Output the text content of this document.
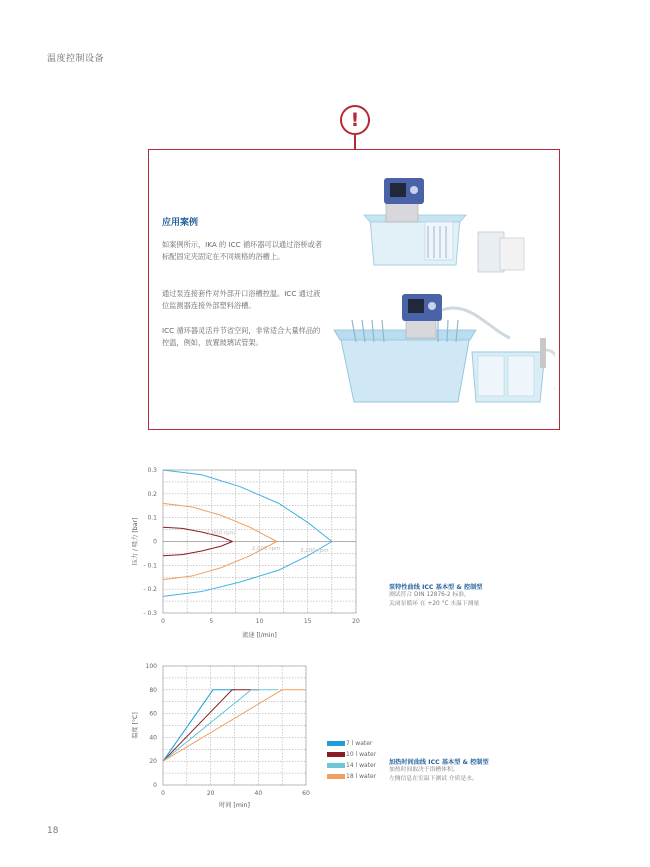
温度控制设备
!
应用案例
如案例所示，IKA 的 ICC 循环器可以通过浴桥或者标配固定夹固定在不同规格的浴槽上。
通过泵连接套件对外部开口浴槽控温。ICC 通过液位监测器连接外部塑料浴槽。
ICC 循环器灵活并节省空间，非常适合大量样品的控温，例如，放置玻璃试管架。
0.3
0.2
0.1
0
- 0.1
- 0.2
- 0.3
0	5	10	15	20
流速 [l/min]
压力 / 吸力 [bar]	1,000 rpm
2,000 rpm	3,200 rpm
泵特性曲线 ICC 基本型 & 控制型
测试符合 DIN 12876-2 标准，
关闭泵循环 在 +20 °C 水温下测量
100
80
60
40
20
0
0	20	40	60
时间 [min]
温度 [°C]
7 l water
10 l water
14 l water
18 l water
加热时间曲线 ICC 基本型 & 控制型
加热时间取决于浴槽体积。
左侧信息在室温下测试 介质是水。
18
